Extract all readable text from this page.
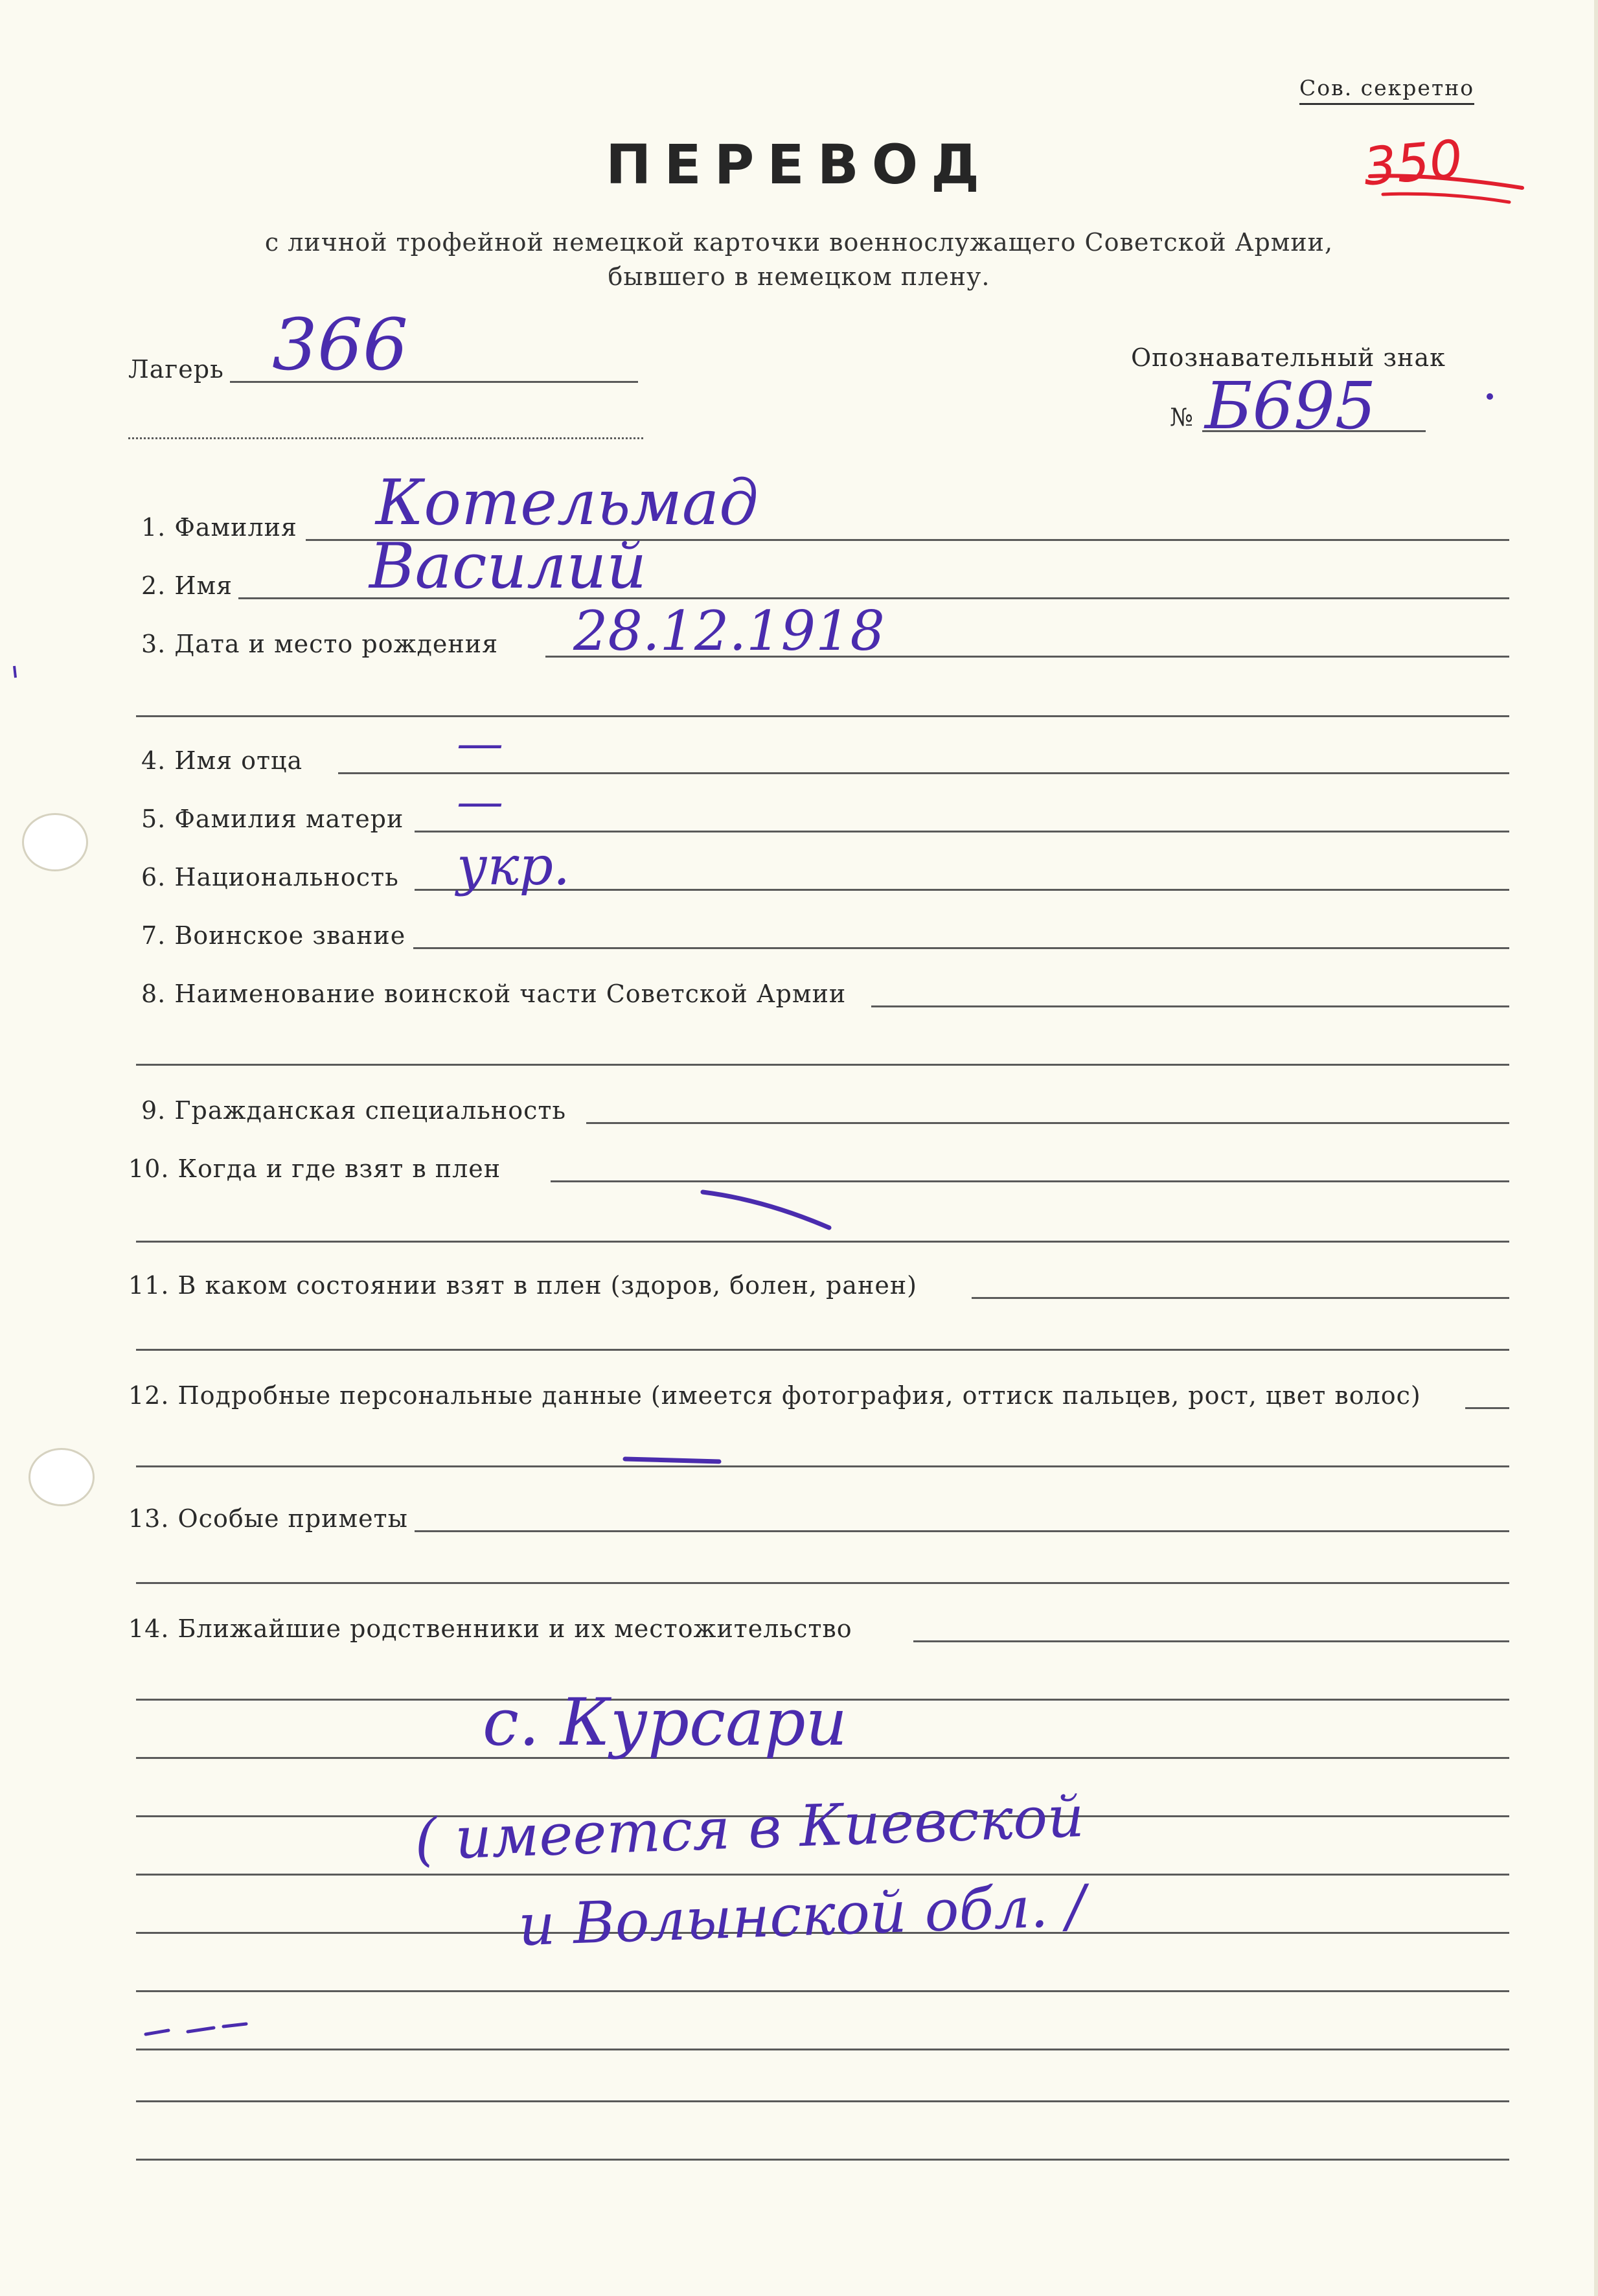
Сов. секретно
350
ПЕРЕВОД
с личной трофейной немецкой карточки военнослужащего Советской Армии,
бывшего в немецком плену.
Лагерь 366	Опознавательный знак
№ Б695
1. Фамилия Котельмад
2. Имя Василий
3. Дата и место рождения 28.12.1918
4. Имя отца	—
5. Фамилия матери —
6. Национальность укр.
7. Воинское звание
8. Наименование воинской части Советской Армии
9. Гражданская специальность
10. Когда и где взят в плен
11. В каком состоянии взят в плен (здоров, болен, ранен)
12. Подробные персональные данные (имеется фотография, оттиск пальцев, рост, цвет волос)
13. Особые приметы
14. Ближайшие родственники и их местожительство
с. Курсари
( имеется в Киевской
и Волынской обл. /
